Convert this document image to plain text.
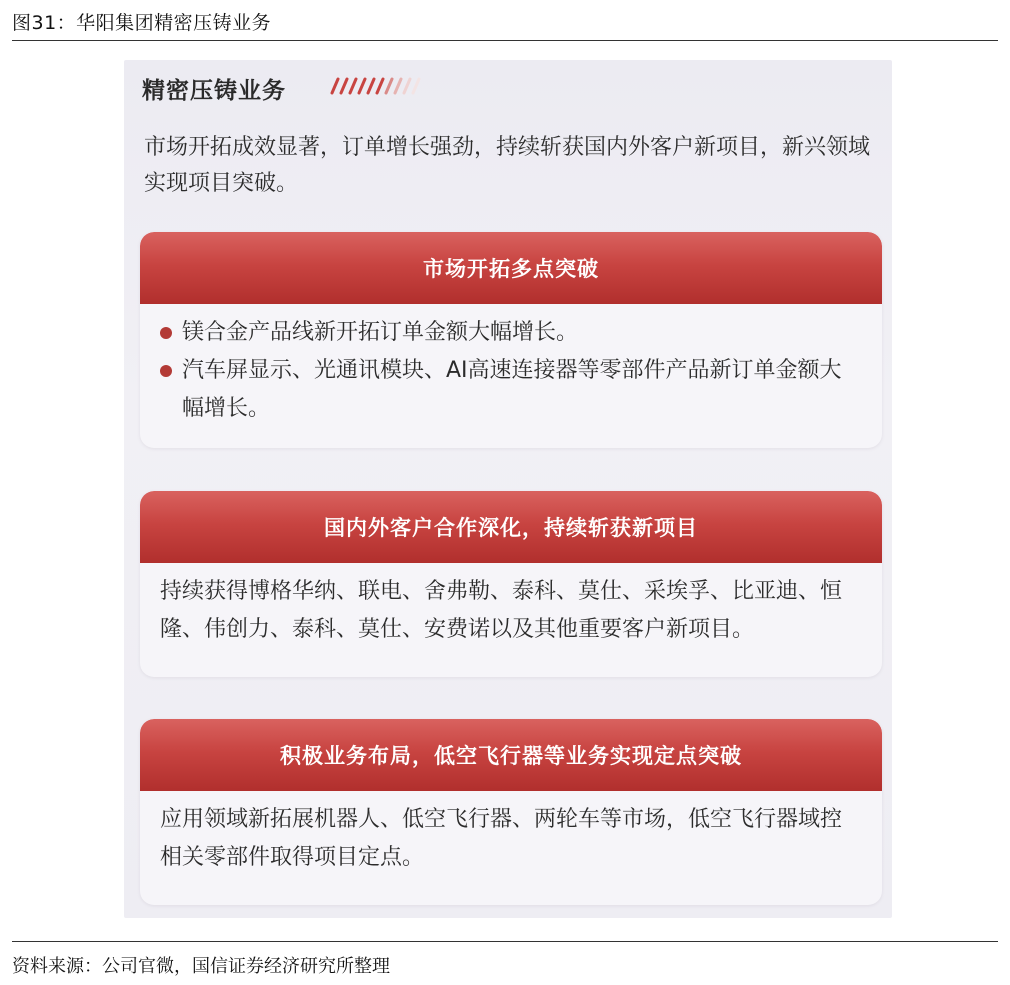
图31：华阳集团精密压铸业务
精密压铸业务
市场开拓成效显著，订单增长强劲，持续斩获国内外客户新项目，新兴领域实现项目突破。
市场开拓多点突破
镁合金产品线新开拓订单金额大幅增长。
汽车屏显示、光通讯模块、AI高速连接器等零部件产品新订单金额大幅增长。
国内外客户合作深化，持续斩获新项目
持续获得博格华纳、联电、舍弗勒、泰科、莫仕、采埃孚、比亚迪、恒隆、伟创力、泰科、莫仕、安费诺以及其他重要客户新项目。
积极业务布局，低空飞行器等业务实现定点突破
应用领域新拓展机器人、低空飞行器、两轮车等市场，低空飞行器域控相关零部件取得项目定点。
资料来源：公司官微，国信证券经济研究所整理
